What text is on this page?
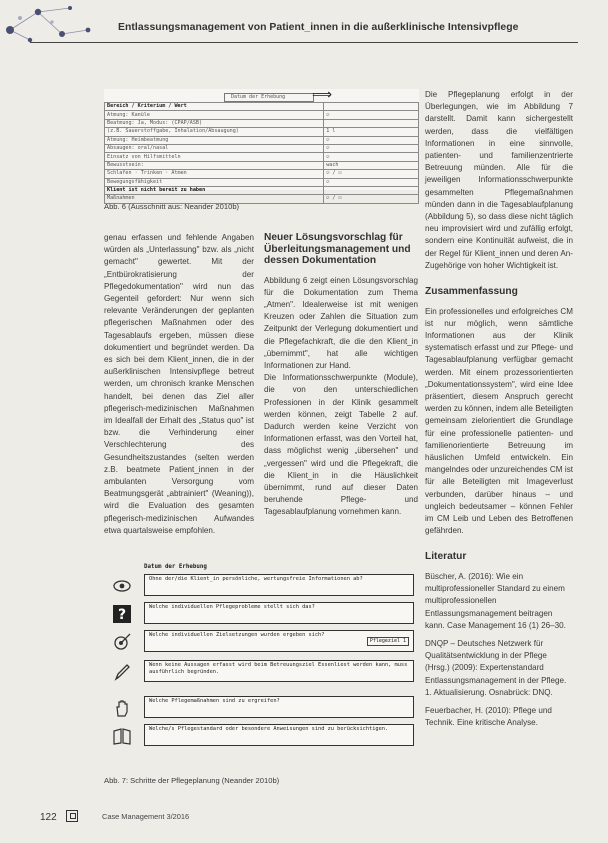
Entlassungsmanagement von Patient_innen in die außerklinische Intensivpflege
Datum der Erhebung ⟹
Bereich / Kriterium / Wert	
Atmung: Kanüle	☑
Beatmung: Ja, Modus: (CPAP/ASB)	
(z.B. Sauerstoffgabe, Inhalation/Absaugung)	1 l
Atmung: Heimbeatmung	☑
Absaugen: oral/nasal	☑
Einsatz von Hilfsmitteln	☑
Bewusstsein:	wach
Schlafen · Trinken · Atmen	☑ / ☑
Bewegungsfähigkeit	☑
Klient ist nicht bereit zu haben	
Maßnahmen	☑ / ☑
Abb. 6 (Ausschnitt aus: Neander 2010b)

genau erfassen und fehlende Angaben würden als „Unterlassung" bzw. als „nicht gemacht" gewertet. Mit der „Entbürokratisierung der Pflegedokumentation" wird nun das Gegenteil gefordert: Nur wenn sich relevante Veränderungen der geplanten pflegerischen Maßnahmen oder des Tagesablaufs ergeben, müssen diese dokumentiert und begründet werden. Da es sich bei dem Klient_innen, die in der außerklinischen Intensivpflege betreut werden, um chronisch kranke Menschen handelt, bei denen das Ziel aller pflegerisch-medizinischen Maßnahmen im Idealfall der Erhalt des „Status quo" ist bzw. die Verhinderung einer Verschlechterung des Gesundheitszustandes (selten werden z.B. beatmete Patient_innen in der ambulanten Versorgung vom Beatmungsgerät „abtrainiert" (Weaning)), wird die Evaluation des gesamten pflegerisch-medizinischen Aufwandes etwa quartalsweise empfohlen.

Neuer Lösungsvorschlag für Überleitungsmanagement und dessen Dokumentation

Abbildung 6 zeigt einen Lösungsvorschlag für die Dokumentation zum Thema „Atmen". Idealerweise ist mit wenigen Kreuzen oder Zahlen die Situation zum Zeitpunkt der Verlegung dokumentiert und die Pflegefachkraft, die die den Klient_in „übernimmt", hat alle wichtigen Informationen zur Hand.

Die Informationsschwerpunkte (Module), die von den unterschiedlichen Professionen in der Klinik gesammelt werden können, zeigt Tabelle 2 auf. Dadurch werden keine Verzicht von Informationen erfasst, was den Vorteil hat, dass möglichst wenig „übersehen" und „vergessen" wird und die Pflegekraft, die die Klient_in in die Häuslichkeit übernimmt, rund auf dieser Daten beruhende Pflege- und Tagesablaufplanung vornehmen kann.

Die Pflegeplanung erfolgt in der Überlegungen, wie im Abbildung 7 darstellt. Damit kann sichergestellt werden, dass die vielfältigen Informationen in eine sinnvolle, patienten- und familienzentrierte Betreuung münden. Alle für die jeweiligen Informationsschwerpunkte gesammelten Pflegemaßnahmen münden dann in die Tagesablaufplanung (Abbildung 5), so dass diese nicht täglich neu improvisiert wird und zufällig erfolgt, sondern eine Kontinuität aufweist, die in der Regel für Klient_innen und deren An-Zugehörige von hoher Wichtigkeit ist.

Zusammenfassung

Ein professionelles und erfolgreiches CM ist nur möglich, wenn sämtliche Informationen aus der Klinik systematisch erfasst und zur Pflege- und Tagesablaufplanung verfügbar gemacht werden. Mit einem prozessorientierten „Dokumentationssystem", wird eine Idee präsentiert, diesem Anspruch gerecht werden zu können, indem alle Beteiligten gemeinsam zielorientiert die Grundlage für eine professionelle patienten- und familienorientierte Betreuung im häuslichen Umfeld entwickeln. Ein mangelndes oder unzureichendes CM ist für alle Beteiligten mit Imageverlust verbunden, darüber hinaus – und ungleich bedeutsamer – können Fehler im CM Leib und Leben des Betroffenen gefährden.

Literatur

Büscher, A. (2016): Wie ein multiprofessioneller Standard zu einem multiprofessionellen Entlassungsmanagement beitragen kann. Case Management 16 (1) 26–30.

DNQP – Deutsches Netzwerk für Qualitätsentwicklung in der Pflege (Hrsg.) (2009): Expertenstandard Entlassungsmanagement in der Pflege. 1. Aktualisierung. Osnabrück: DNQ.

Feuerbacher, H. (2010): Pflege und Technik. Eine kritische Analyse.

Datum der Erhebung
Ohne der/die Klient_in persönliche, wertungsfreie Informationen ab?
?	Welche individuellen Pflegeprobleme stellt sich das?
Welche individuellen Zielsetzungen wurden ergeben sich?
Pflegeziel 1
Wenn keine Aussagen erfasst wird beim Betreuungsziel Essenliest werden kann, muss ausführlich begründen.
Welche Pflegemaßnahmen sind zu ergreifen?
Welche/s Pflegestandard oder besondere Anweisungen sind zu berücksichtigen.
Abb. 7: Schritte der Pflegeplanung (Neander 2010b)
122	Case Management 3/2016
